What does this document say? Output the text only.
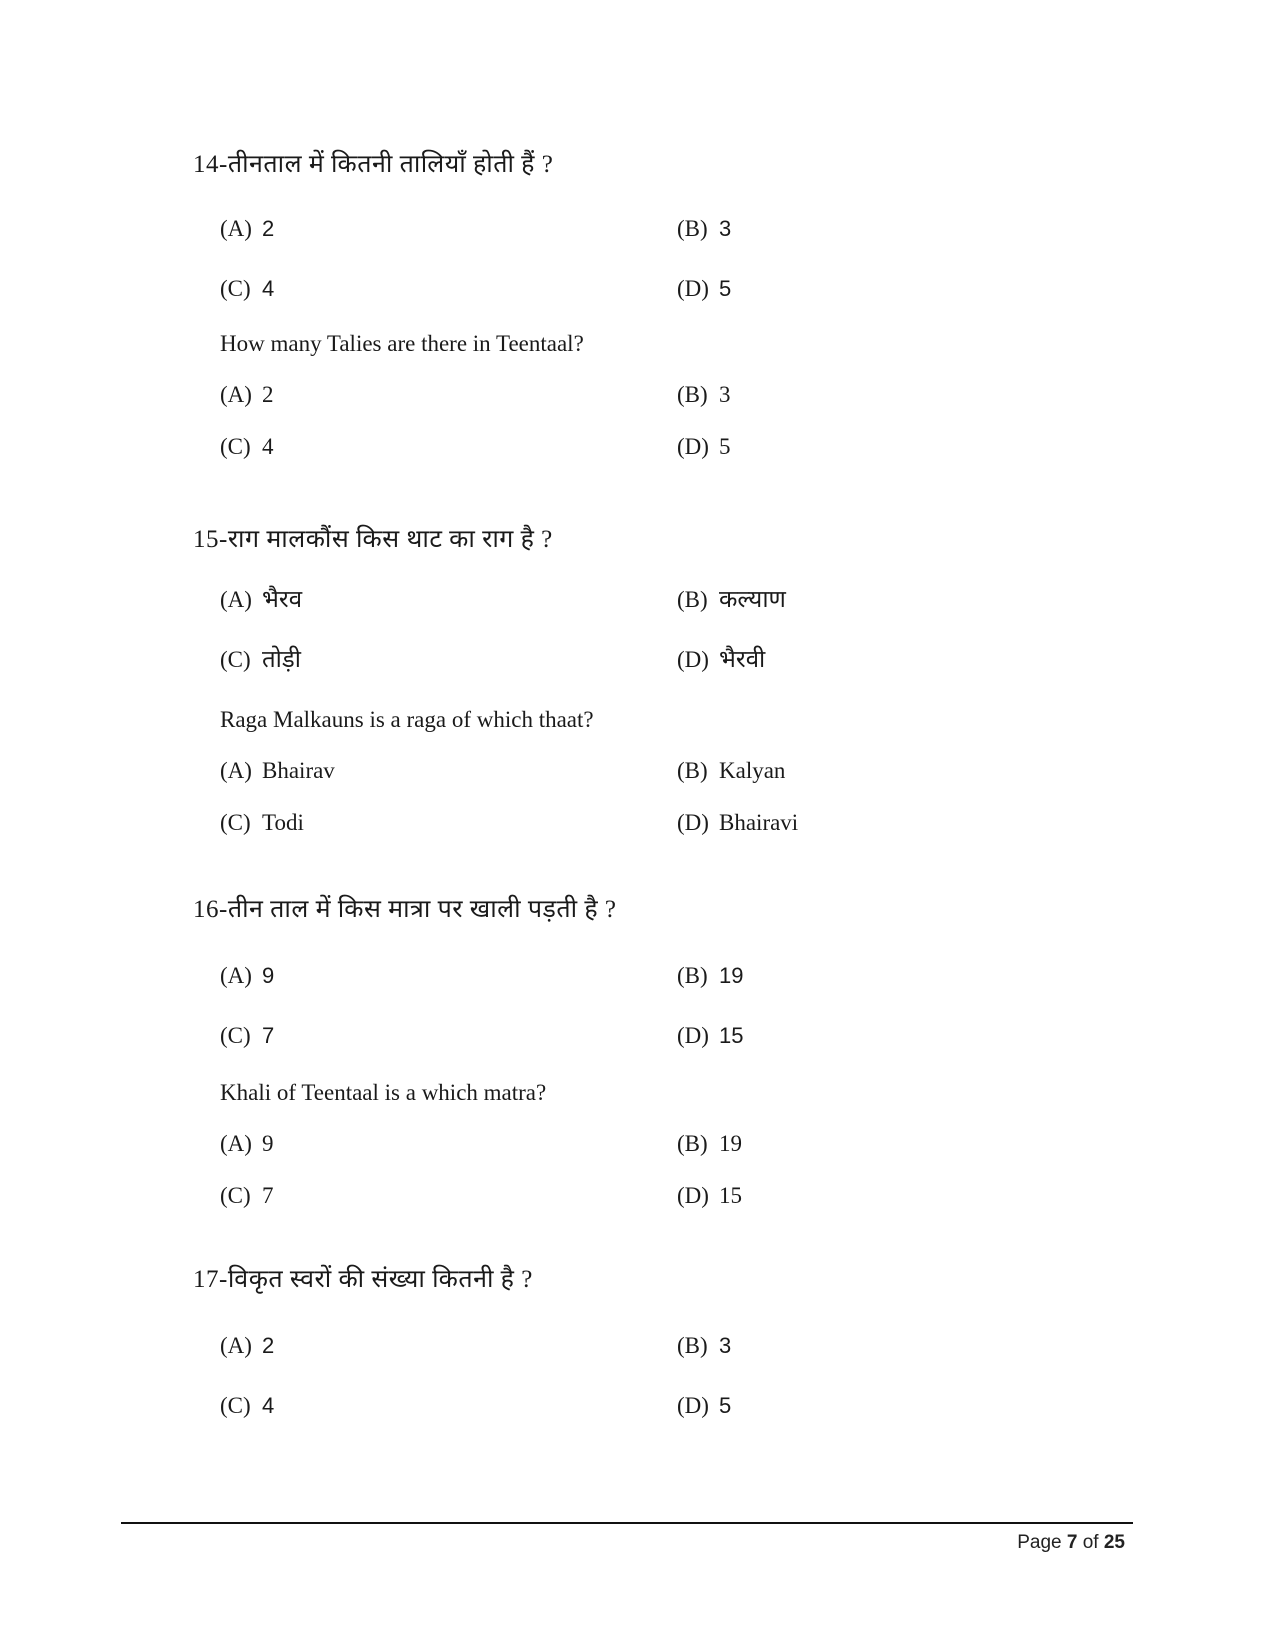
14-तीनताल में कितनी तालियाँ होती हैं ?
(A) 2	(B) 3
(C) 4	(D) 5
How many Talies are there in Teentaal?
(A) 2	(B) 3
(C) 4	(D) 5
15-राग मालकौंस किस थाट का राग है ?
(A) भैरव	(B) कल्याण
(C) तोड़ी	(D) भैरवी
Raga Malkauns is a raga of which thaat?
(A) Bhairav	(B) Kalyan
(C) Todi	(D) Bhairavi
16-तीन ताल में किस मात्रा पर खाली पड़ती है ?
(A) 9	(B) 19
(C) 7	(D) 15
Khali of Teentaal is a which matra?
(A) 9	(B) 19
(C) 7	(D) 15
17-विकृत स्वरों की संख्या कितनी है ?
(A) 2	(B) 3
(C) 4	(D) 5
Page 7 of 25
